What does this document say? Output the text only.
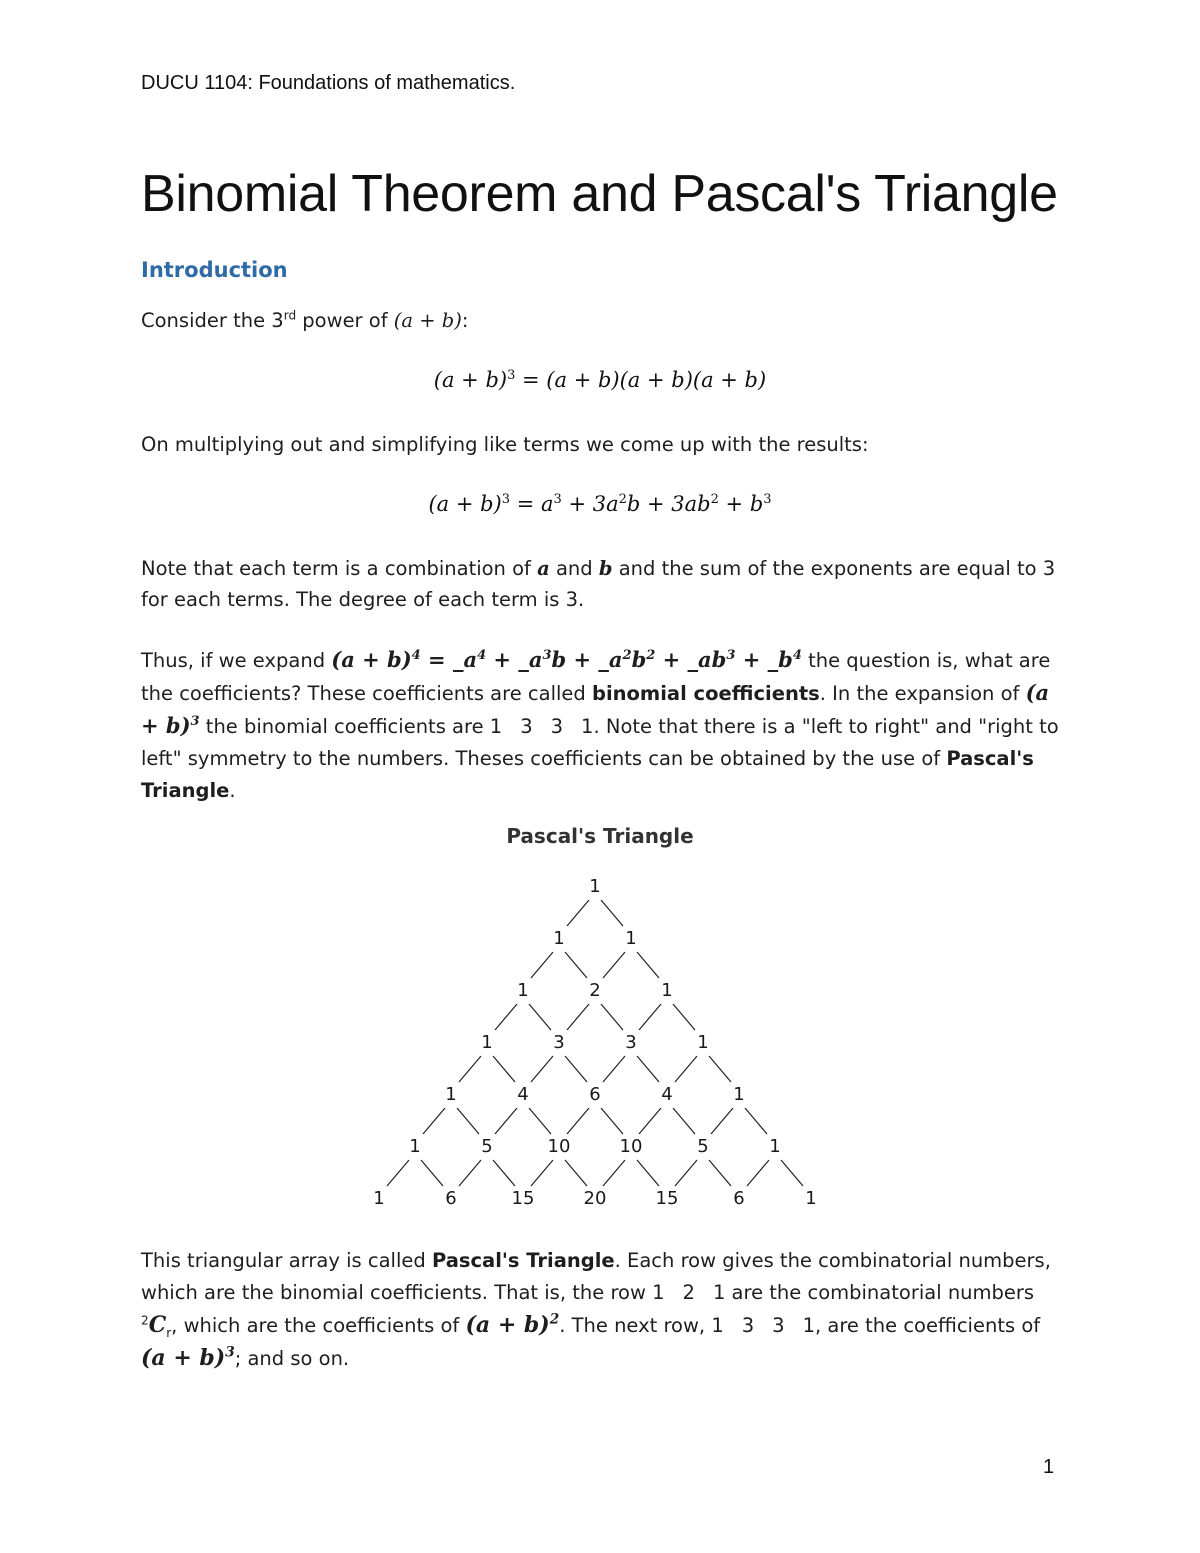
DUCU 1104: Foundations of mathematics.
Binomial Theorem and Pascal's Triangle
Introduction

Consider the 3rd power of (a + b):

$(a + b)^3 = (a + b)(a + b)(a + b)$

On multiplying out and simplifying like terms we come up with the results:

$(a + b)^3 = a^3 + 3a^2b + 3ab^2 + b^3$

Note that each term is a combination of a and b and the sum of the exponents are equal to 3 for each terms. The degree of each term is 3.

Thus, if we expand $(a + b)^4$ = $\_a^4$ + $\_a^3b$ + $\_a^2b^2$ + $\_ab^3$ + $\_b^4$ the question is, what are the coefficients? These coefficients are called binomial coefficients. In the expansion of $(a + b)^3$ the binomial coefficients are 1 3 3 1. Note that there is a "left to right" and "right to left" symmetry to the numbers. Theses coefficients can be obtained by the use of Pascal's Triangle.

Pascal's Triangle
1
1	1
1	2	1
1	3	3	1
1	4	6	4	1
1	5	10	10	5	1
1	6	15	20	15	6	1

This triangular array is called Pascal's Triangle. Each row gives the combinatorial numbers, which are the binomial coefficients. That is, the row 1 2 1 are the combinatorial numbers $^2C_r$, which are the coefficients of $(a + b)^2$. The next row, 1 3 3 1, are the coefficients of $(a + b)^3$; and so on.

1
